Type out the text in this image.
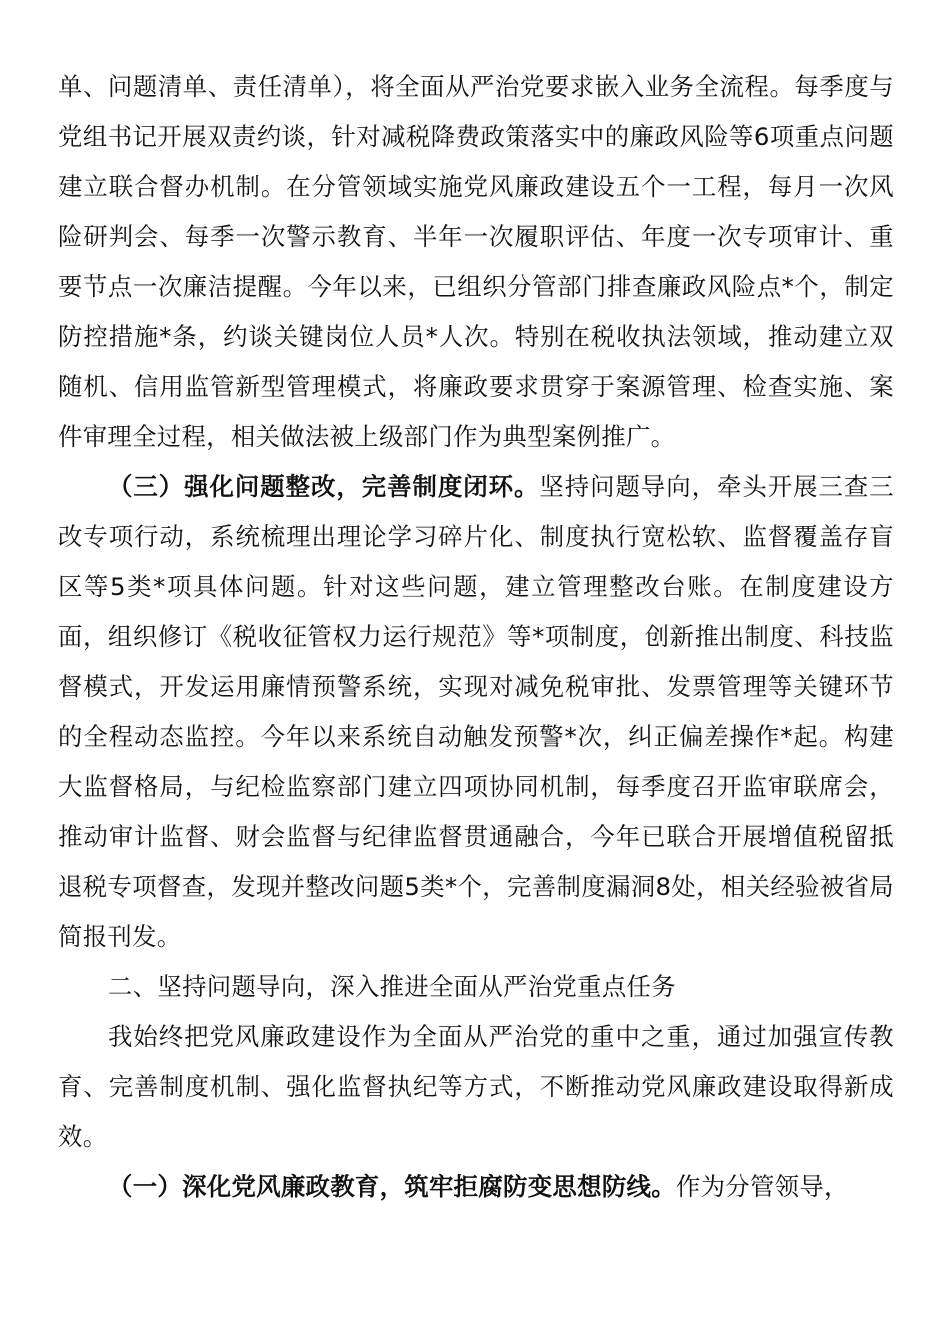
单、问题清单、责任清单），将全面从严治党要求嵌入业务全流程。每季度与党组书记开展双责约谈，针对减税降费政策落实中的廉政风险等6项重点问题建立联合督办机制。在分管领域实施党风廉政建设五个一工程，每月一次风险研判会、每季一次警示教育、半年一次履职评估、年度一次专项审计、重要节点一次廉洁提醒。今年以来，已组织分管部门排查廉政风险点*个，制定防控措施*条，约谈关键岗位人员*人次。特别在税收执法领域，推动建立双随机、信用监管新型管理模式，将廉政要求贯穿于案源管理、检查实施、案件审理全过程，相关做法被上级部门作为典型案例推广。

（三）强化问题整改，完善制度闭环。坚持问题导向，牵头开展三查三改专项行动，系统梳理出理论学习碎片化、制度执行宽松软、监督覆盖存盲区等5类*项具体问题。针对这些问题，建立管理整改台账。在制度建设方面，组织修订《税收征管权力运行规范》等*项制度，创新推出制度、科技监督模式，开发运用廉情预警系统，实现对减免税审批、发票管理等关键环节的全程动态监控。今年以来系统自动触发预警*次，纠正偏差操作*起。构建大监督格局，与纪检监察部门建立四项协同机制，每季度召开监审联席会，推动审计监督、财会监督与纪律监督贯通融合，今年已联合开展增值税留抵退税专项督查，发现并整改问题5类*个，完善制度漏洞8处，相关经验被省局简报刊发。

二、坚持问题导向，深入推进全面从严治党重点任务

我始终把党风廉政建设作为全面从严治党的重中之重，通过加强宣传教育、完善制度机制、强化监督执纪等方式，不断推动党风廉政建设取得新成效。

（一）深化党风廉政教育，筑牢拒腐防变思想防线。作为分管领导，
